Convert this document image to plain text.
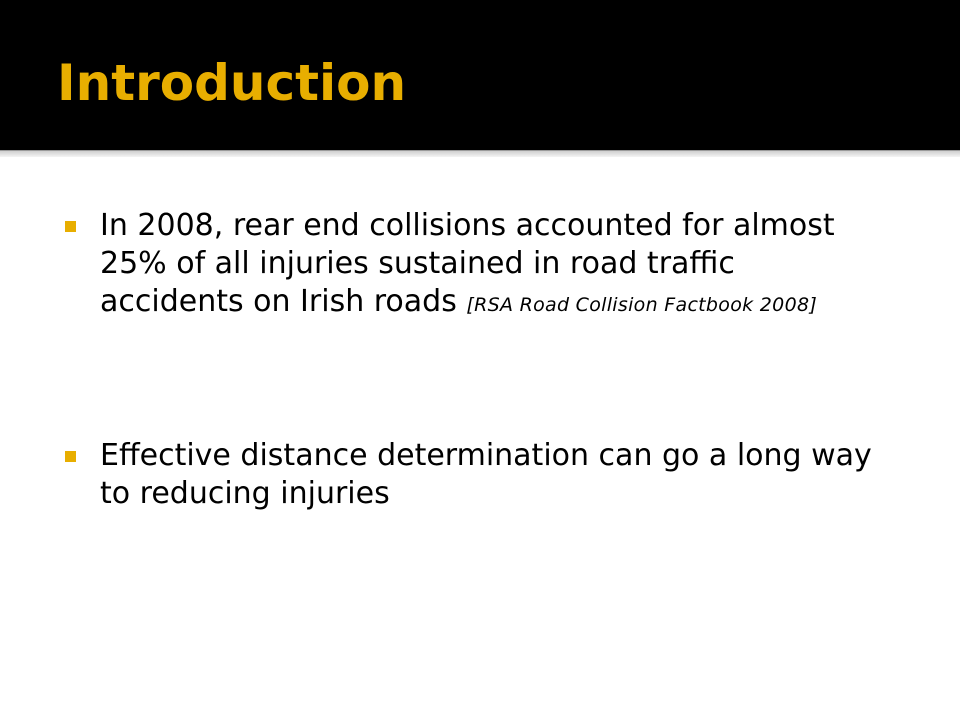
Introduction
In 2008, rear end collisions accounted for almost 25% of all injuries sustained in road traffic accidents on Irish roads [RSA Road Collision Factbook 2008]
Effective distance determination can go a long way to reducing injuries
